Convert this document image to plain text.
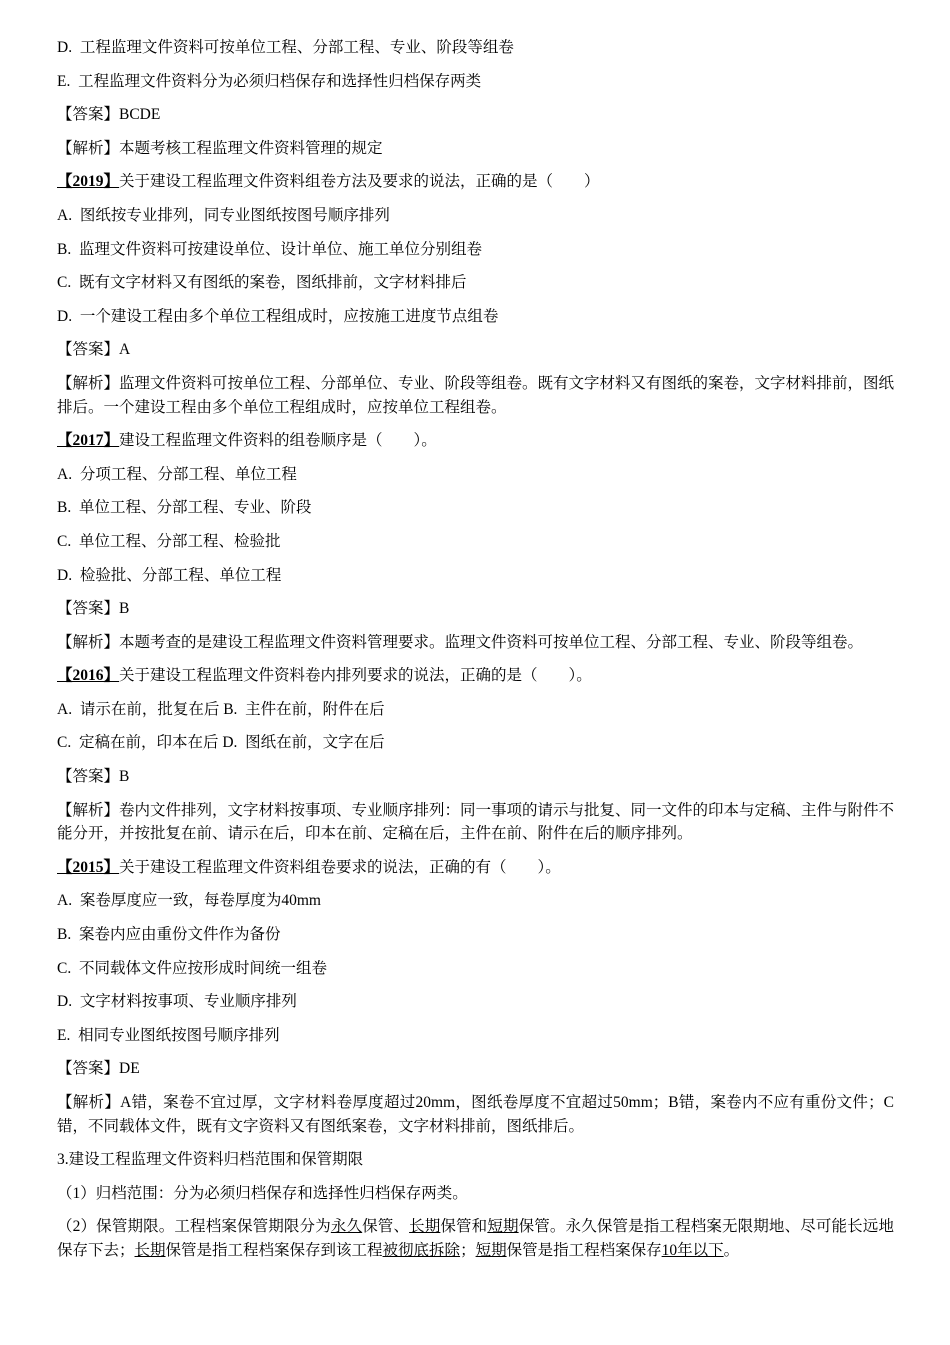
D.  工程监理文件资料可按单位工程、分部工程、专业、阶段等组卷

E.  工程监理文件资料分为必须归档保存和选择性归档保存两类

【答案】BCDE

【解析】本题考核工程监理文件资料管理的规定

【2019】关于建设工程监理文件资料组卷方法及要求的说法，正确的是（　　）

A.  图纸按专业排列，同专业图纸按图号顺序排列

B.  监理文件资料可按建设单位、设计单位、施工单位分别组卷

C.  既有文字材料又有图纸的案卷，图纸排前，文字材料排后

D.  一个建设工程由多个单位工程组成时，应按施工进度节点组卷

【答案】A

【解析】监理文件资料可按单位工程、分部单位、专业、阶段等组卷。既有文字材料又有图纸的案卷，文字材料排前，图纸排后。一个建设工程由多个单位工程组成时，应按单位工程组卷。

【2017】建设工程监理文件资料的组卷顺序是（　　）。

A.  分项工程、分部工程、单位工程

B.  单位工程、分部工程、专业、阶段

C.  单位工程、分部工程、检验批

D.  检验批、分部工程、单位工程

【答案】B

【解析】本题考查的是建设工程监理文件资料管理要求。监理文件资料可按单位工程、分部工程、专业、阶段等组卷。

【2016】关于建设工程监理文件资料卷内排列要求的说法，正确的是（　　）。

A.  请示在前，批复在后 B.  主件在前，附件在后

C.  定稿在前，印本在后 D.  图纸在前，文字在后

【答案】B

【解析】卷内文件排列，文字材料按事项、专业顺序排列：同一事项的请示与批复、同一文件的印本与定稿、主件与附件不能分开，并按批复在前、请示在后，印本在前、定稿在后，主件在前、附件在后的顺序排列。

【2015】关于建设工程监理文件资料组卷要求的说法，正确的有（　　）。

A.  案卷厚度应一致，每卷厚度为40mm

B.  案卷内应由重份文件作为备份

C.  不同载体文件应按形成时间统一组卷

D.  文字材料按事项、专业顺序排列

E.  相同专业图纸按图号顺序排列

【答案】DE

【解析】A错，案卷不宜过厚，文字材料卷厚度超过20mm，图纸卷厚度不宜超过50mm；B错，案卷内不应有重份文件；C错，不同载体文件，既有文字资料又有图纸案卷，文字材料排前，图纸排后。

3.建设工程监理文件资料归档范围和保管期限

（1）归档范围：分为必须归档保存和选择性归档保存两类。

（2）保管期限。工程档案保管期限分为永久保管、长期保管和短期保管。永久保管是指工程档案无限期地、尽可能长远地保存下去；长期保管是指工程档案保存到该工程被彻底拆除；短期保管是指工程档案保存10年以下。
